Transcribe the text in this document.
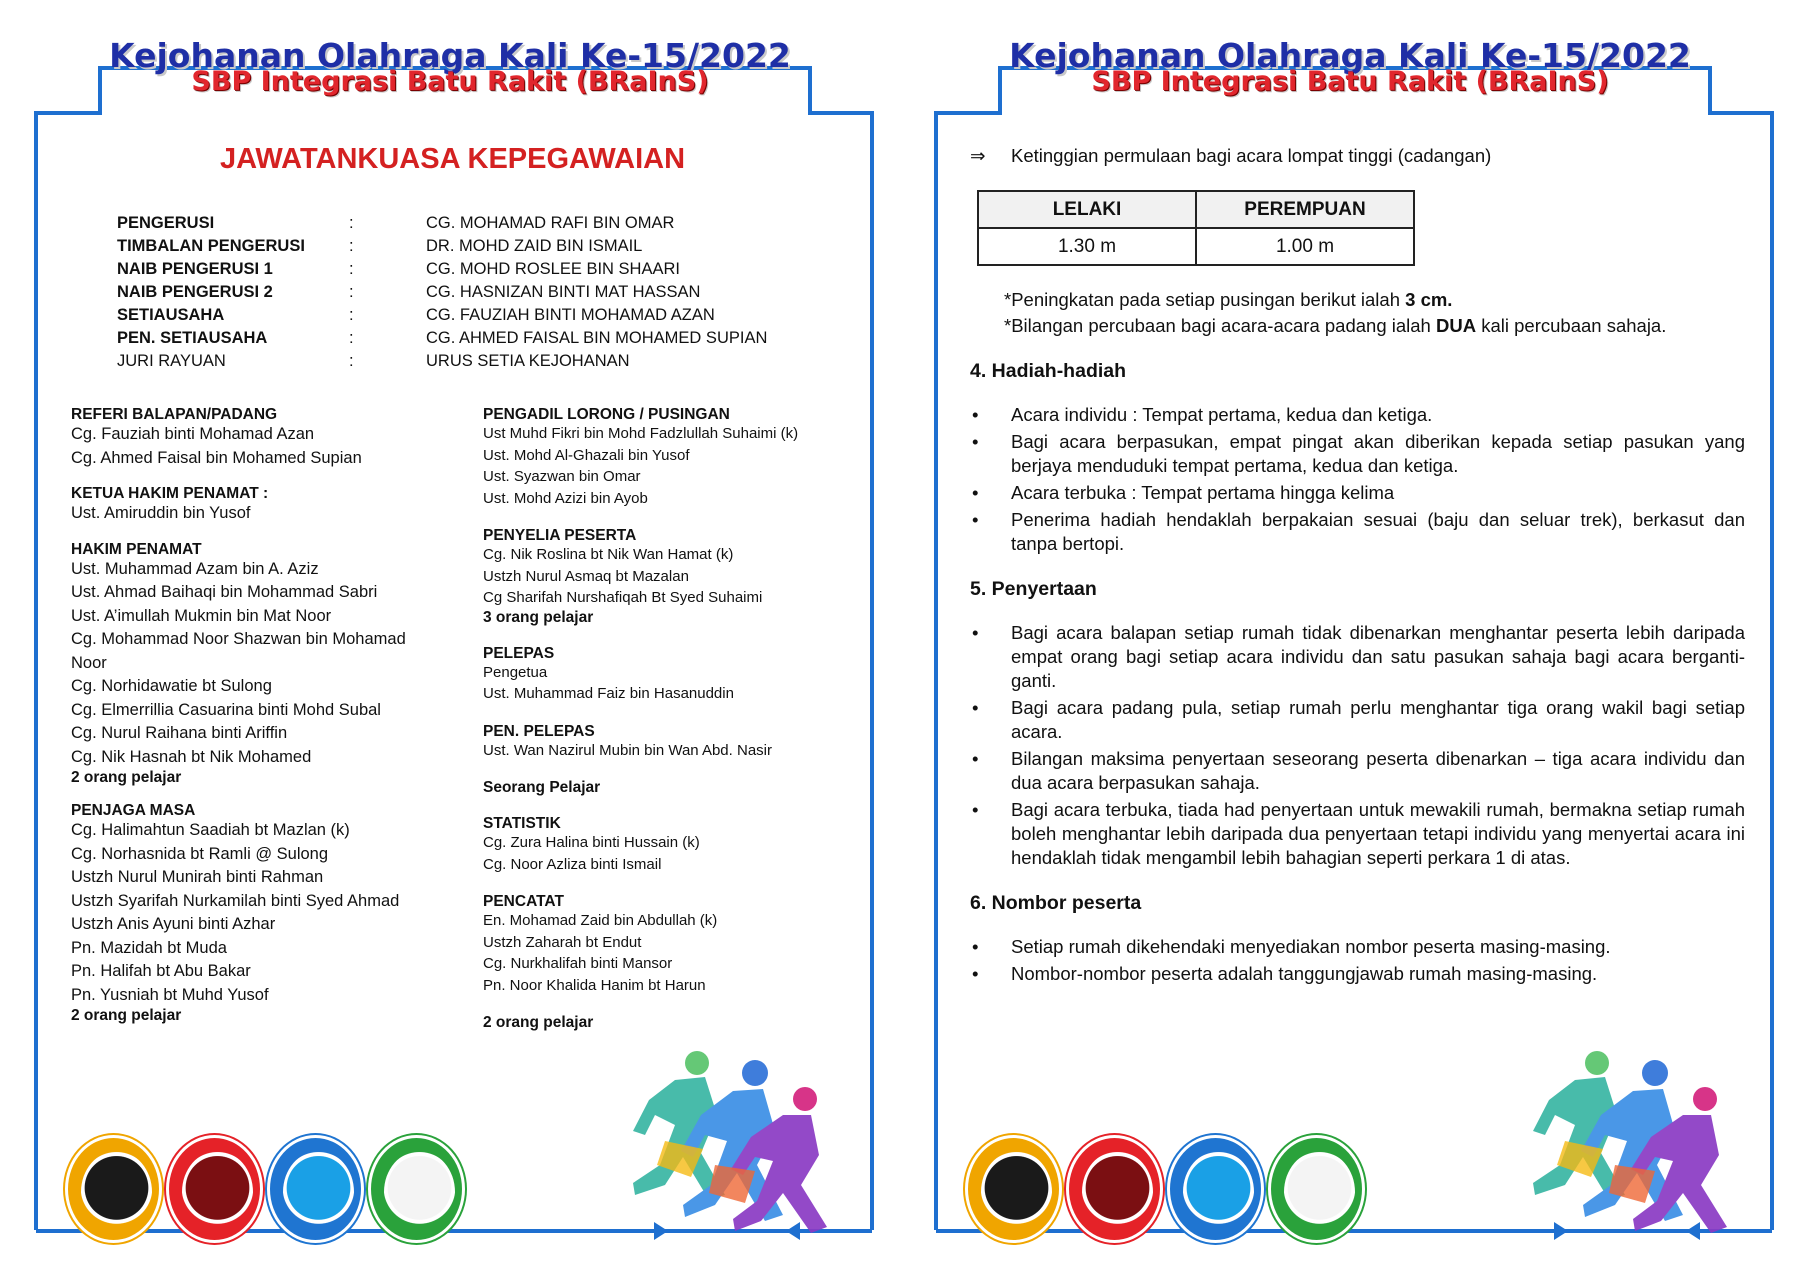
Kejohanan Olahraga Kali Ke-15/2022
SBP Integrasi Batu Rakit (BRaInS)
JAWATANKUASA KEPEGAWAIAN
PENGERUSI	:	CG. MOHAMAD RAFI BIN OMAR
TIMBALAN PENGERUSI	:	DR. MOHD ZAID BIN ISMAIL
NAIB PENGERUSI 1	:	CG. MOHD ROSLEE BIN SHAARI
NAIB PENGERUSI 2	:	CG. HASNIZAN BINTI MAT HASSAN
SETIAUSAHA	:	CG. FAUZIAH BINTI MOHAMAD AZAN
PEN. SETIAUSAHA	:	CG. AHMED FAISAL BIN MOHAMED SUPIAN
JURI RAYUAN	:	URUS SETIA KEJOHANAN
REFERI BALAPAN/PADANG
Cg. Fauziah binti Mohamad Azan
Cg. Ahmed Faisal bin Mohamed Supian
KETUA HAKIM PENAMAT :
Ust. Amiruddin bin Yusof
HAKIM PENAMAT
Ust. Muhammad Azam bin A. Aziz
Ust. Ahmad Baihaqi bin Mohammad Sabri
Ust. A’imullah Mukmin bin Mat Noor
Cg. Mohammad Noor Shazwan bin Mohamad Noor
Cg. Norhidawatie bt Sulong
Cg. Elmerrillia Casuarina binti Mohd Subal
Cg. Nurul Raihana binti Ariffin
Cg. Nik Hasnah bt Nik Mohamed
2 orang pelajar
PENJAGA MASA
Cg. Halimahtun Saadiah bt Mazlan (k)
Cg. Norhasnida bt Ramli @ Sulong
Ustzh Nurul Munirah binti Rahman
Ustzh Syarifah Nurkamilah binti Syed Ahmad
Ustzh Anis Ayuni binti Azhar
Pn. Mazidah bt Muda
Pn. Halifah bt Abu Bakar
Pn. Yusniah bt Muhd Yusof
2 orang pelajar
PENGADIL LORONG / PUSINGAN
Ust Muhd Fikri bin Mohd Fadzlullah Suhaimi (k)
Ust. Mohd Al-Ghazali bin Yusof
Ust. Syazwan bin Omar
Ust. Mohd Azizi bin Ayob
PENYELIA PESERTA
Cg. Nik Roslina bt Nik Wan Hamat (k)
Ustzh Nurul Asmaq bt Mazalan
Cg Sharifah Nurshafiqah Bt Syed Suhaimi
3 orang pelajar
PELEPAS
Pengetua
Ust. Muhammad Faiz bin Hasanuddin
PEN. PELEPAS
Ust. Wan Nazirul Mubin bin Wan Abd. Nasir
Seorang Pelajar
STATISTIK
Cg. Zura Halina binti Hussain (k)
Cg. Noor Azliza binti Ismail
PENCATAT
En. Mohamad Zaid bin Abdullah (k)
Ustzh Zaharah bt Endut
Cg. Nurkhalifah binti Mansor
Pn. Noor Khalida Hanim bt Harun
2 orang pelajar
Kejohanan Olahraga Kali Ke-15/2022
SBP Integrasi Batu Rakit (BRaInS)
⇒	Ketinggian permulaan bagi acara lompat tinggi (cadangan)
LELAKI	PEREMPUAN
1.30 m	1.00 m
*Peningkatan pada setiap pusingan berikut ialah 3 cm.
*Bilangan percubaan bagi acara-acara padang ialah DUA kali percubaan sahaja.
4. Hadiah-hadiah
• Acara individu : Tempat pertama, kedua dan ketiga.
• Bagi acara berpasukan, empat pingat akan diberikan kepada setiap pasukan yang berjaya menduduki tempat pertama, kedua dan ketiga.
• Acara terbuka : Tempat pertama hingga kelima
• Penerima hadiah hendaklah berpakaian sesuai (baju dan seluar trek), berkasut dan tanpa bertopi.
5. Penyertaan
• Bagi acara balapan setiap rumah tidak dibenarkan menghantar peserta lebih daripada empat orang bagi setiap acara individu dan satu pasukan sahaja bagi acara berganti-ganti.
• Bagi acara padang pula, setiap rumah perlu menghantar tiga orang wakil bagi setiap acara.
• Bilangan maksima penyertaan seseorang peserta dibenarkan – tiga acara individu dan dua acara berpasukan sahaja.
• Bagi acara terbuka, tiada had penyertaan untuk mewakili rumah, bermakna setiap rumah boleh menghantar lebih daripada dua penyertaan tetapi individu yang menyertai acara ini hendaklah tidak mengambil lebih bahagian seperti perkara 1 di atas.
6. Nombor peserta
• Setiap rumah dikehendaki menyediakan nombor peserta masing-masing.
• Nombor-nombor peserta adalah tanggungjawab rumah masing-masing.
